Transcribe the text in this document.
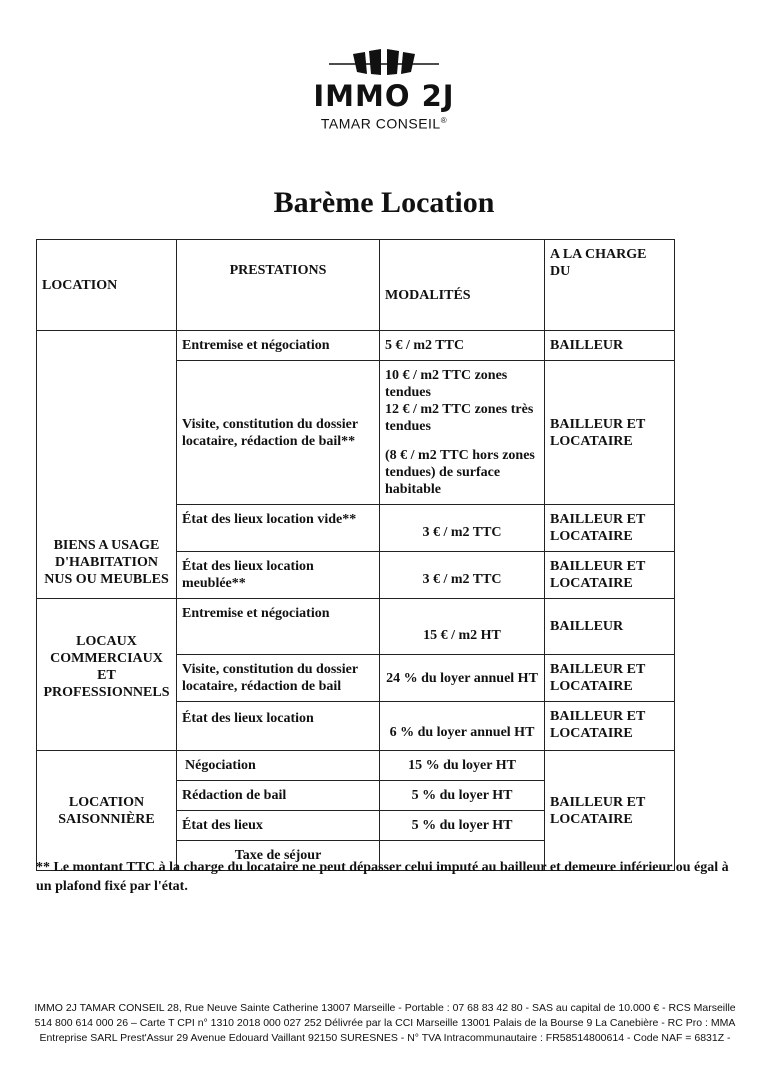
IMMO 2J
TAMAR CONSEIL®
Barème Location
LOCATION	PRESTATIONS	MODALITÉS	A LA CHARGE DU
BIENS A USAGE D'HABITATION NUS OU MEUBLES	Entremise et négociation	5 € / m2 TTC	BAILLEUR
	Visite, constitution du dossier locataire, rédaction de bail**	10 € / m2 TTC zones tendues
12 € / m2 TTC zones très tendues
(8 € / m2 TTC hors zones tendues) de surface habitable	BAILLEUR ET LOCATAIRE
	État des lieux location vide**	3 € / m2 TTC	BAILLEUR ET LOCATAIRE
	État des lieux location meublée**	3 € / m2 TTC	BAILLEUR ET LOCATAIRE
LOCAUX COMMERCIAUX ET PROFESSIONNELS	Entremise et négociation	15 € / m2 HT	BAILLEUR
	Visite, constitution du dossier locataire, rédaction de bail	24 % du loyer annuel HT	BAILLEUR ET LOCATAIRE
	État des lieux location	6 % du loyer annuel HT	BAILLEUR ET LOCATAIRE
LOCATION SAISONNIÈRE	Négociation	15 % du loyer HT	BAILLEUR ET LOCATAIRE
	Rédaction de bail	5 % du loyer HT	
	État des lieux	5 % du loyer HT	
	Taxe de séjour		
** Le montant TTC à la charge du locataire ne peut dépasser celui imputé au bailleur et demeure inférieur ou égal à un plafond fixé par l'état.
IMMO 2J TAMAR CONSEIL 28, Rue Neuve Sainte Catherine 13007 Marseille - Portable : 07 68 83 42 80 - SAS au capital de 10.000 € - RCS Marseille
514 800 614 000 26 – Carte T CPI n° 1310 2018 000 027 252 Délivrée par la CCI Marseille 13001 Palais de la Bourse 9 La Canebière - RC Pro : MMA
Entreprise SARL Prest'Assur 29 Avenue Edouard Vaillant 92150 SURESNES - N° TVA Intracommunautaire : FR58514800614 - Code NAF = 6831Z -
